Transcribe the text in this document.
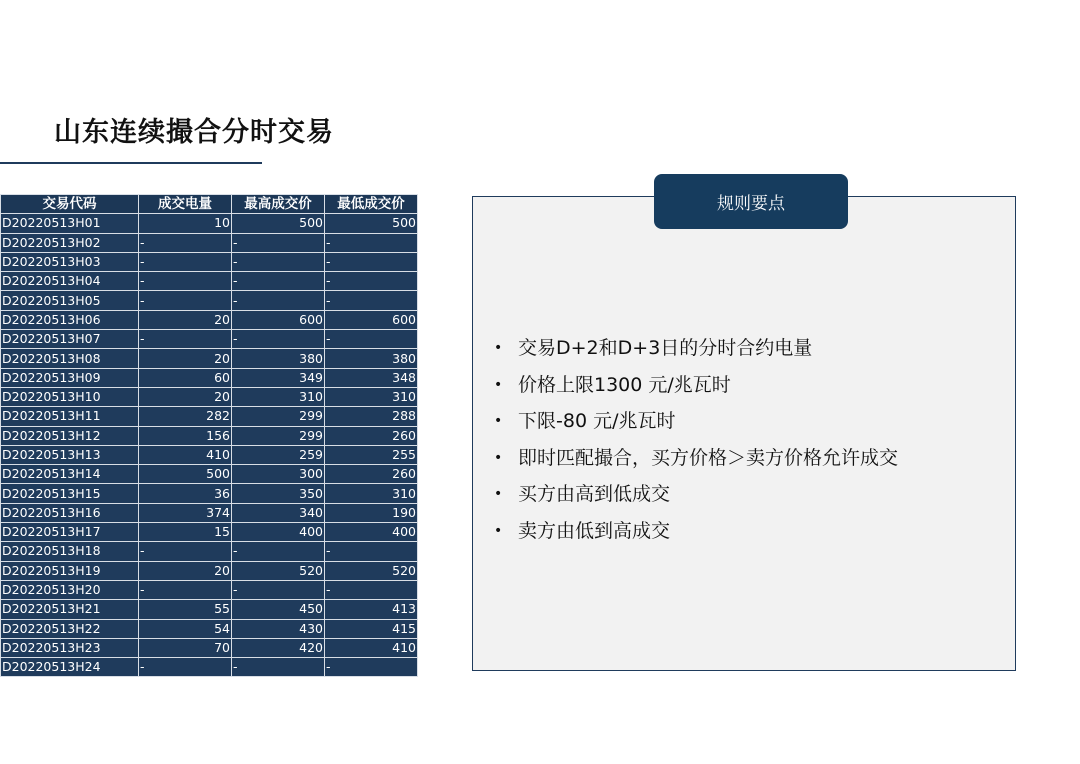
山东连续撮合分时交易
交易代码	成交电量	最高成交价	最低成交价
D20220513H01	10	500	500
D20220513H02	-	-	-
D20220513H03	-	-	-
D20220513H04	-	-	-
D20220513H05	-	-	-
D20220513H06	20	600	600
D20220513H07	-	-	-
D20220513H08	20	380	380
D20220513H09	60	349	348
D20220513H10	20	310	310
D20220513H11	282	299	288
D20220513H12	156	299	260
D20220513H13	410	259	255
D20220513H14	500	300	260
D20220513H15	36	350	310
D20220513H16	374	340	190
D20220513H17	15	400	400
D20220513H18	-	-	-
D20220513H19	20	520	520
D20220513H20	-	-	-
D20220513H21	55	450	413
D20220513H22	54	430	415
D20220513H23	70	420	410
D20220513H24	-	-	-
规则要点
• 交易D+2和D+3日的分时合约电量
• 价格上限1300 元/兆瓦时
• 下限-80 元/兆瓦时
• 即时匹配撮合，买方价格＞卖方价格允许成交
• 买方由高到低成交
• 卖方由低到高成交
